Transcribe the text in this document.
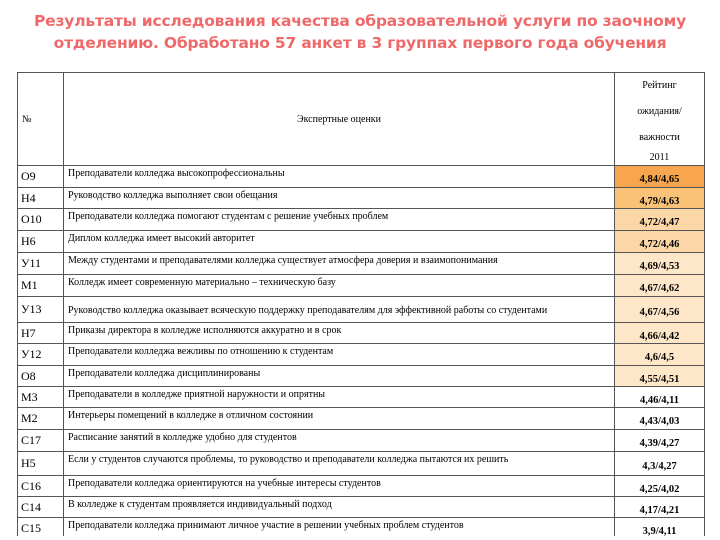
Результаты исследования качества образовательной услуги по заочному
отделению. Обработано 57 анкет в 3 группах первого года обучения
№	Экспертные оценки	Рейтинг
ожидания/
важности
2011

О9	Преподаватели колледжа высокопрофессиональны	4,84/4,65
Н4	Руководство колледжа выполняет свои обещания	4,79/4,63
О10	Преподаватели колледжа помогают студентам с решение учебных проблем	4,72/4,47
Н6	Диплом колледжа имеет высокий авторитет	4,72/4,46
У11	Между студентами и преподавателями колледжа существует атмосфера доверия и взаимопонимания	4,69/4,53
М1	Колледж имеет современную материально – техническую базу	4,67/4,62
У13	Руководство колледжа оказывает всяческую поддержку преподавателям для эффективной работы со студентами	4,67/4,56
Н7	Приказы директора в колледже исполняются аккуратно и в срок	4,66/4,42
У12	Преподаватели колледжа вежливы по отношению к студентам	4,6/4,5
О8	Преподаватели колледжа дисциплинированы	4,55/4,51
М3	Преподаватели в колледже приятной наружности и опрятны	4,46/4,11
М2	Интерьеры помещений в колледже в отличном состоянии	4,43/4,03
С17	Расписание занятий в колледже удобно для студентов	4,39/4,27
Н5	Если у студентов случаются проблемы, то руководство и преподаватели колледжа пытаются их решить	4,3/4,27
С16	Преподаватели колледжа ориентируются на учебные интересы студентов	4,25/4,02
С14	В колледже к студентам проявляется индивидуальный подход	4,17/4,21
С15	Преподаватели колледжа принимают личное участие в решении учебных проблем студентов	3,9/4,11
